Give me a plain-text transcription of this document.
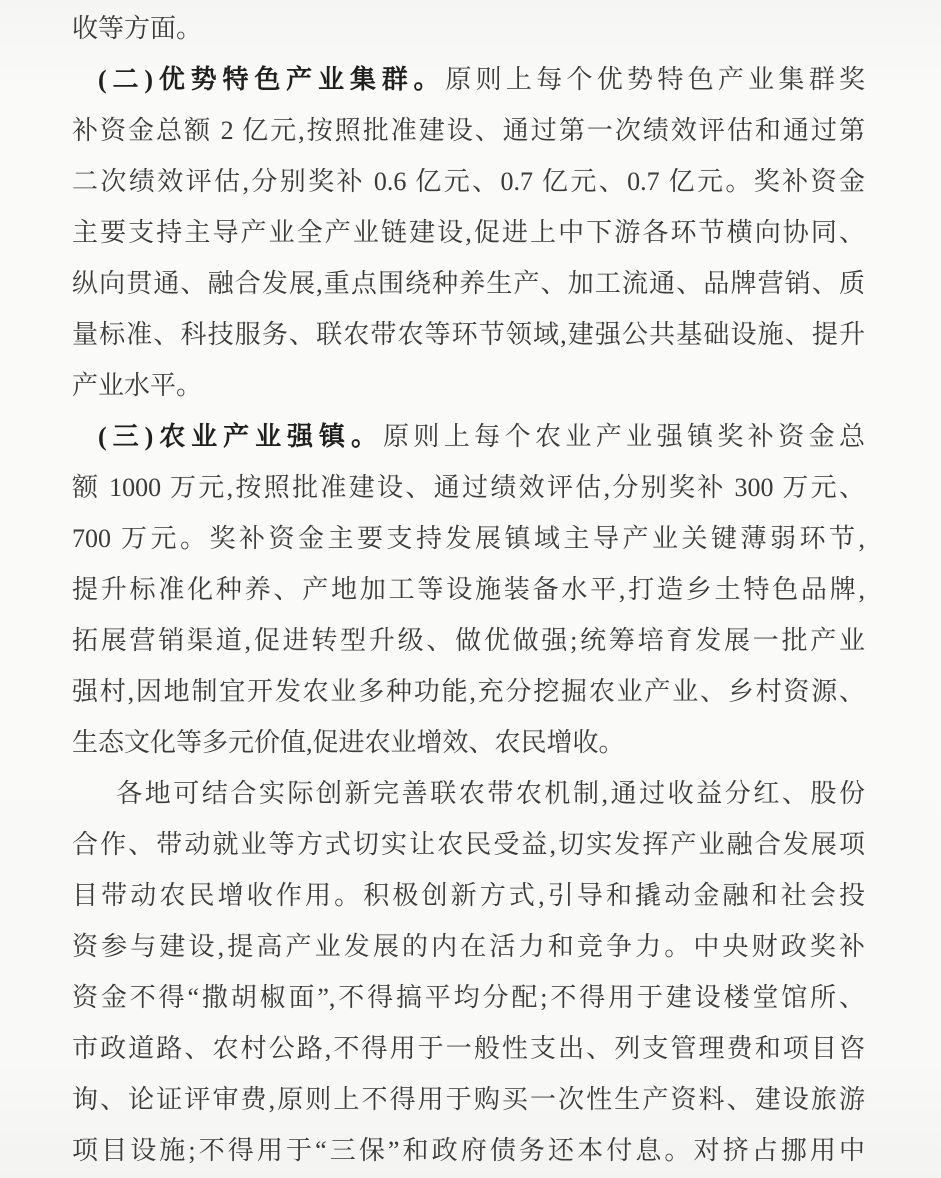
收等方面。
(二)优势特色产业集群。原则上每个优势特色产业集群奖
补资金总额 2 亿元,按照批准建设、通过第一次绩效评估和通过第
二次绩效评估,分别奖补 0.6 亿元、0.7 亿元、0.7 亿元。奖补资金
主要支持主导产业全产业链建设,促进上中下游各环节横向协同、
纵向贯通、融合发展,重点围绕种养生产、加工流通、品牌营销、质
量标准、科技服务、联农带农等环节领域,建强公共基础设施、提升
产业水平。
(三)农业产业强镇。原则上每个农业产业强镇奖补资金总
额 1000 万元,按照批准建设、通过绩效评估,分别奖补 300 万元、
700 万元。奖补资金主要支持发展镇域主导产业关键薄弱环节,
提升标准化种养、产地加工等设施装备水平,打造乡土特色品牌,
拓展营销渠道,促进转型升级、做优做强;统筹培育发展一批产业
强村,因地制宜开发农业多种功能,充分挖掘农业产业、乡村资源、
生态文化等多元价值,促进农业增效、农民增收。
各地可结合实际创新完善联农带农机制,通过收益分红、股份
合作、带动就业等方式切实让农民受益,切实发挥产业融合发展项
目带动农民增收作用。积极创新方式,引导和撬动金融和社会投
资参与建设,提高产业发展的内在活力和竞争力。中央财政奖补
资金不得“撒胡椒面”,不得搞平均分配;不得用于建设楼堂馆所、
市政道路、农村公路,不得用于一般性支出、列支管理费和项目咨
询、论证评审费,原则上不得用于购买一次性生产资料、建设旅游
项目设施;不得用于“三保”和政府债务还本付息。对挤占挪用中
